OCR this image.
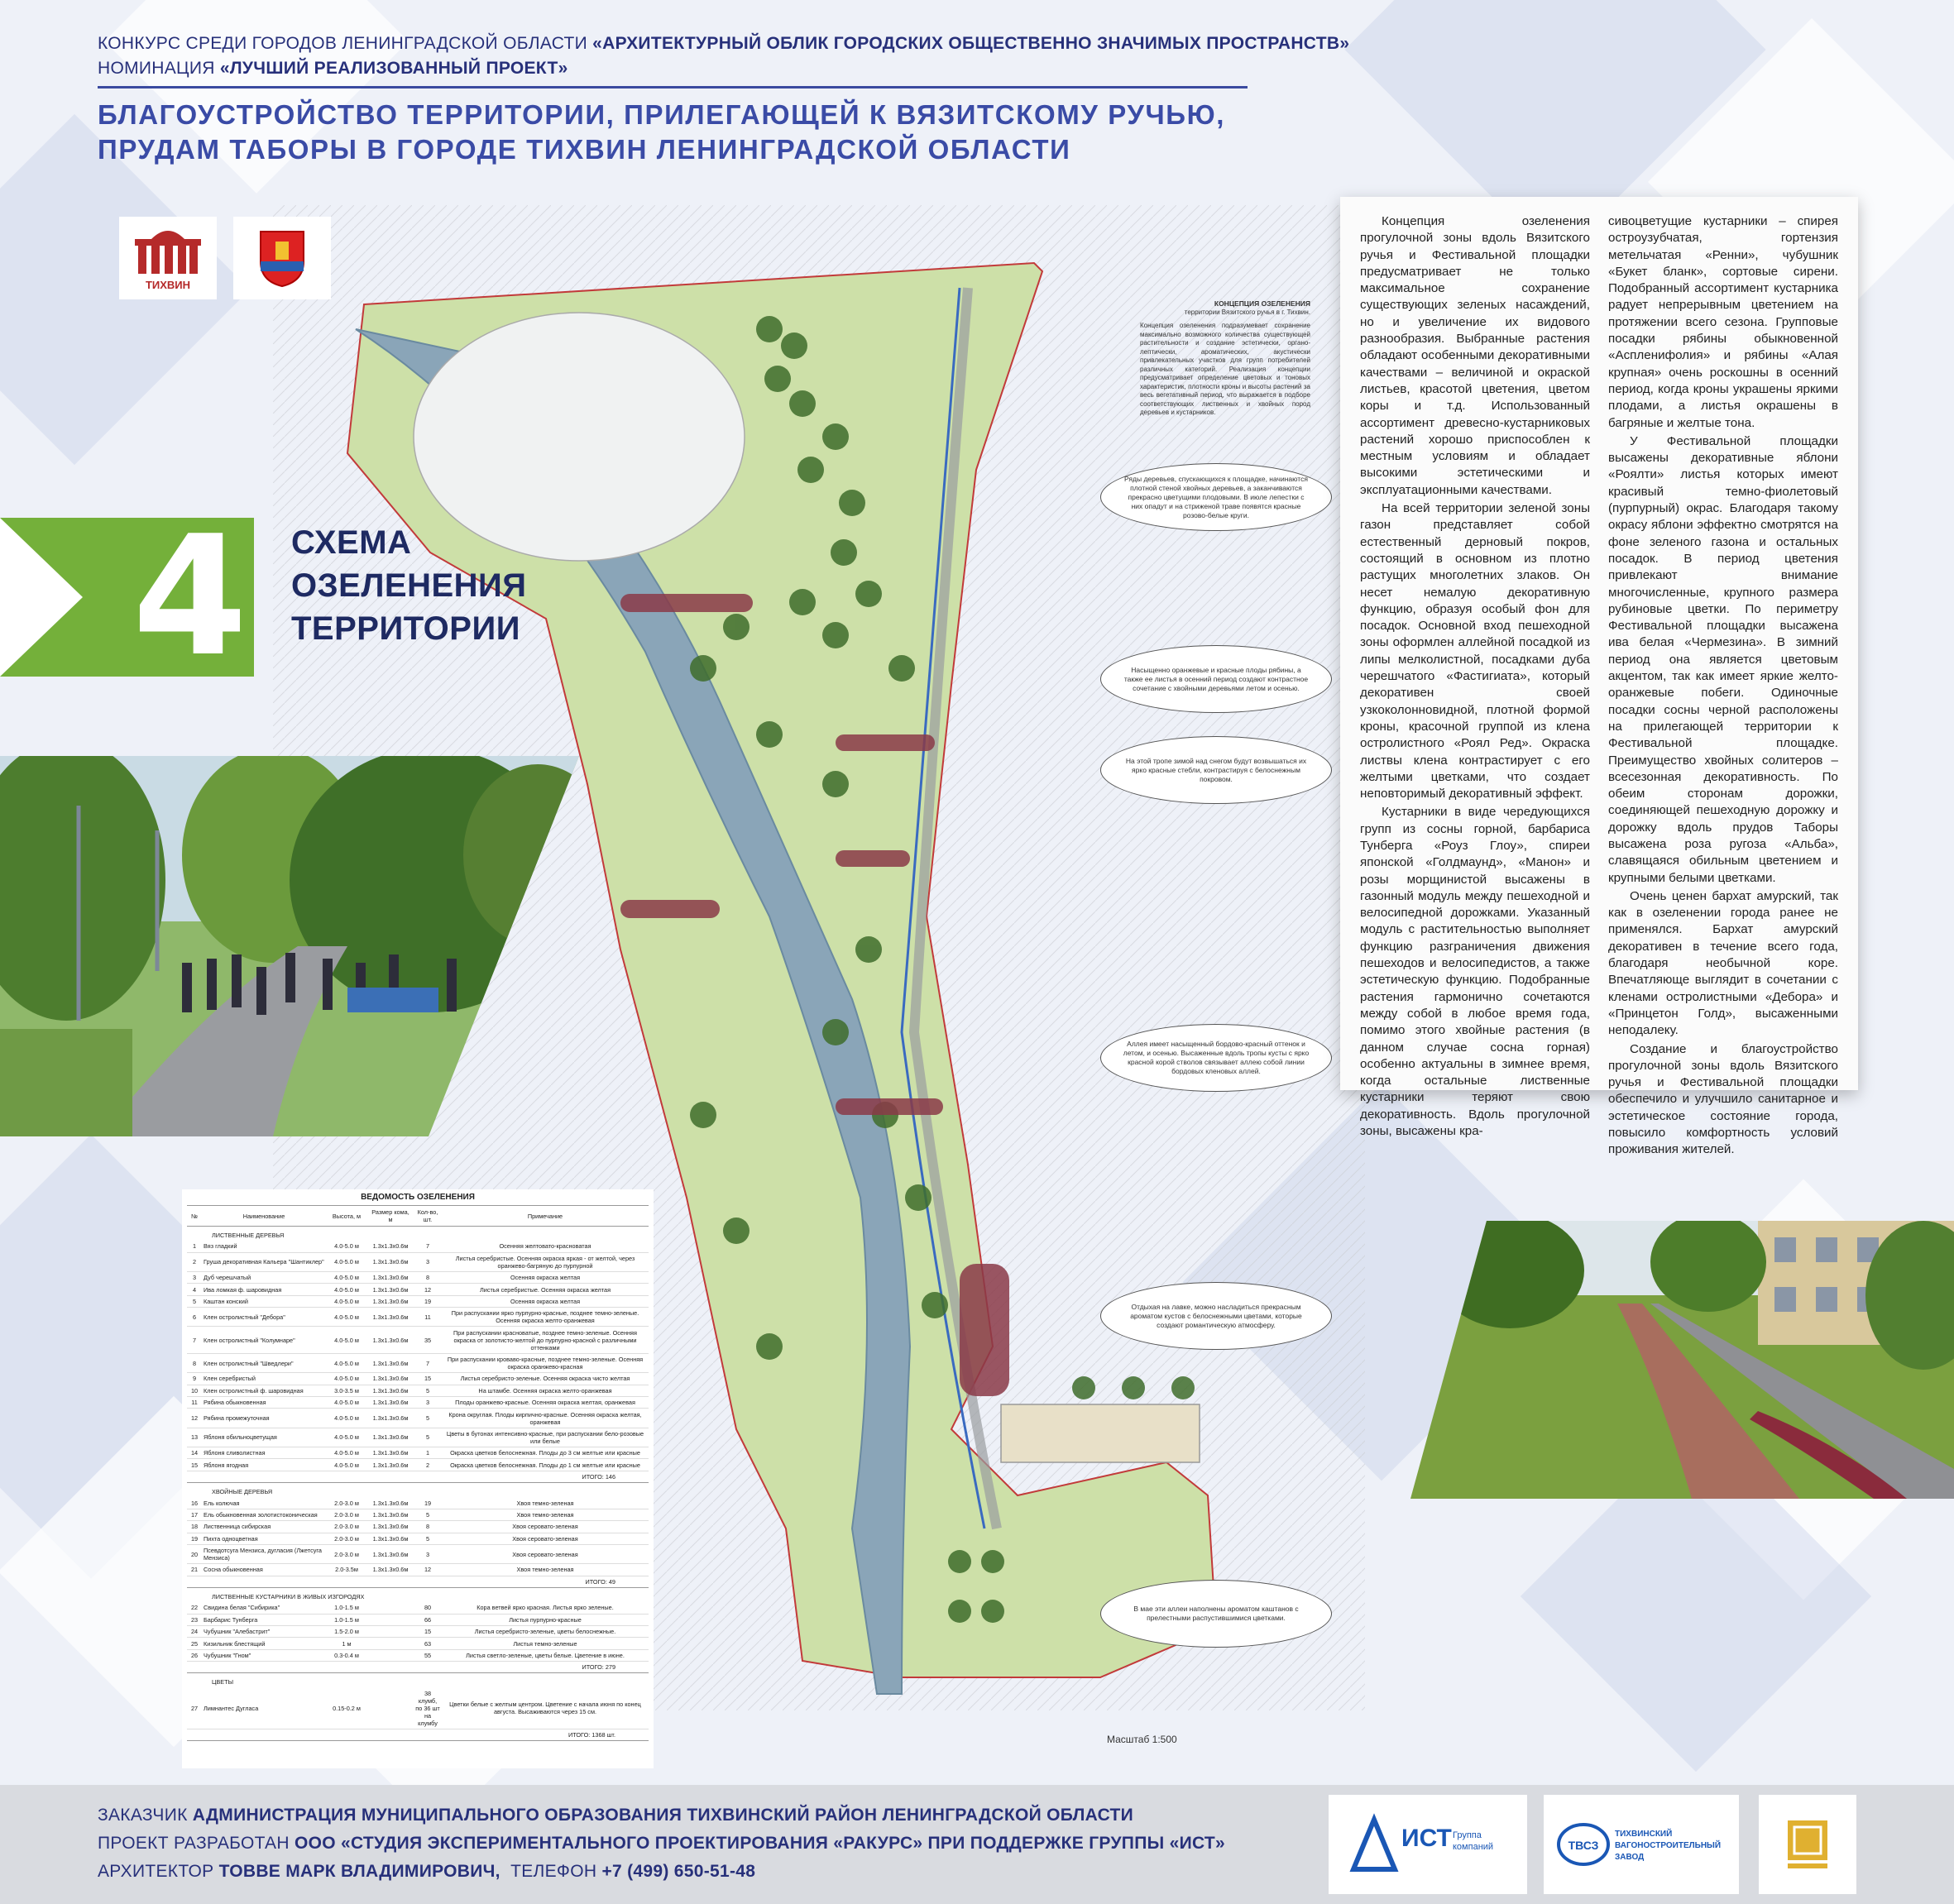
КОНКУРС СРЕДИ ГОРОДОВ ЛЕНИНГРАДСКОЙ ОБЛАСТИ «АРХИТЕКТУРНЫЙ ОБЛИК ГОРОДСКИХ ОБЩЕСТВЕННО ЗНАЧИМЫХ ПРОСТРАНСТВ»
НОМИНАЦИЯ «ЛУЧШИЙ РЕАЛИЗОВАННЫЙ ПРОЕКТ»
БЛАГОУСТРОЙСТВО ТЕРРИТОРИИ, ПРИЛЕГАЮЩЕЙ К ВЯЗИТСКОМУ РУЧЬЮ,
ПРУДАМ ТАБОРЫ В ГОРОДЕ ТИХВИН ЛЕНИНГРАДСКОЙ ОБЛАСТИ
ТИХВИН
4 СХЕМА
ОЗЕЛЕНЕНИЯ
ТЕРРИТОРИИ
КОНЦЕПЦИЯ ОЗЕЛЕНЕНИЯ
территории Вязитского ручья в г. Тихвин.
Концепция озеленения подразумевает сохранение максимально возможного количества существующей растительности и создание эстетически, органо-лептически, ароматических, акустически привлекательных участков для групп потребителей различных категорий. Реализация концепции предусматривает определение цветовых и тоновых характеристик, плотности кроны и высоты растений за весь вегетативный период, что выражается в подборе соответствующих лиственных и хвойных пород деревьев и кустарников.
Ряды деревьев, спускающихся к площадке, начинаются плотной стеной хвойных деревьев, а заканчиваются прекрасно цветущими плодовыми. В июле лепестки с них опадут и на стриженой траве появятся красные розово-белые круги.
Насыщенно оранжевые и красные плоды рябины, а также ее листья в осенний период создают контрастное сочетание с хвойными деревьями летом и осенью.
На этой тропе зимой над снегом будут возвышаться их ярко красные стебли, контрастируя с белоснежным покровом.
Аллея имеет насыщенный бордово-красный оттенок и летом, и осенью. Высаженные вдоль тропы кусты с ярко красной корой стволов связывает аллею собой линии бордовых кленовых аллей.
Отдыхая на лавке, можно насладиться прекрасным ароматом кустов с белоснежными цветами, которые создают романтическую атмосферу.
В мае эти аллеи наполнены ароматом каштанов с прелестными распустившимися цветками.

Концепция озеленения прогулочной зоны вдоль Вязитского ручья и Фестивальной площадки предусматривает не только максимальное сохранение существующих зеленых насаждений, но и увеличение их видового разнообразия. Выбранные растения обладают особенными декоративными качествами – величиной и окраской листьев, красотой цветения, цветом коры и т.д. Использованный ассортимент древесно-кустарниковых растений хорошо приспособлен к местным условиям и обладает высокими эстетическими и эксплуатационными качествами.

На всей территории зеленой зоны газон представляет собой естественный дерновый покров, состоящий в основном из плотно растущих многолетних злаков. Он несет немалую декоративную функцию, образуя особый фон для посадок. Основной вход пешеходной зоны оформлен аллейной посадкой из липы мелколистной, посадками дуба черешчатого «Фастигиата», который декоративен своей узкоколонновидной, плотной формой кроны, красочной группой из клена остролистного «Роял Ред». Окраска листвы клена контрастирует с его желтыми цветками, что создает неповторимый декоративный эффект.

Кустарники в виде чередующихся групп из сосны горной, барбариса Тунберга «Роуз Глоу», спиреи японской «Голдмаунд», «Манон» и розы морщинистой высажены в газонный модуль между пешеходной и велосипедной дорожками. Указанный модуль с растительностью выполняет функцию разграничения движения пешеходов и велосипедистов, а также эстетическую функцию. Подобранные растения гармонично сочетаются между собой в любое время года, помимо этого хвойные растения (в данном случае сосна горная) особенно актуальны в зимнее время, когда остальные лиственные кустарники теряют свою декоративность. Вдоль прогулочной зоны, высажены кра-

сивоцветущие кустарники – спирея остроузубчатая, гортензия метельчатая «Ренни», чубушник «Букет бланк», сортовые сирени. Подобранный ассортимент кустарника радует непрерывным цветением на протяжении всего сезона. Групповые посадки рябины обыкновенной «Аспленифолия» и рябины «Алая крупная» очень роскошны в осенний период, когда кроны украшены яркими плодами, а листья окрашены в багряные и желтые тона.

У Фестивальной площадки высажены декоративные яблони «Роялти» листья которых имеют красивый темно-фиолетовый (пурпурный) окрас. Благодаря такому окрасу яблони эффектно смотрятся на фоне зеленого газона и остальных посадок. В период цветения привлекают внимание многочисленные, крупного размера рубиновые цветки. По периметру Фестивальной площадки высажена ива белая «Чермезина». В зимний период она является цветовым акцентом, так как имеет яркие желто-оранжевые побеги. Одиночные посадки сосны черной расположены на прилегающей территории к Фестивальной площадке. Преимущество хвойных солитеров – всесезонная декоративность. По обеим сторонам дорожки, соединяющей пешеходную дорожку и дорожку вдоль прудов Таборы высажена роза ругоза «Альба», славящаяся обильным цветением и крупными белыми цветками.

Очень ценен бархат амурский, так как в озеленении города ранее не применялся. Бархат амурский декоративен в течение всего года, благодаря необычной коре. Впечатляюще выглядит в сочетании с кленами остролистными «Дебора» и «Принцетон Голд», высаженными неподалеку.

Создание и благоустройство прогулочной зоны вдоль Вязитского ручья и Фестивальной площадки обеспечило и улучшило санитарное и эстетическое состояние города, повысило комфортность условий проживания жителей.

ВЕДОМОСТЬ ОЗЕЛЕНЕНИЯ
№	Наименование	Высота, м	Размер кома, м	Кол-во, шт.	Примечание
ЛИСТВЕННЫЕ ДЕРЕВЬЯ					
1	Вяз гладкий	4.0-5.0 м	1.3х1.3х0.6м	7	Осенняя желтовато-красноватая
2	Груша декоративная Кальера "Шантиклер"	4.0-5.0 м	1.3х1.3х0.6м	3	Листья серебристые. Осенняя окраска яркая - от желтой, через оранжево-багряную до пурпурной
3	Дуб черешчатый	4.0-5.0 м	1.3х1.3х0.6м	8	Осенняя окраска желтая
4	Ива ломкая ф. шаровидная	4.0-5.0 м	1.3х1.3х0.6м	12	Листья серебристые. Осенняя окраска желтая
5	Каштан конский	4.0-5.0 м	1.3х1.3х0.6м	19	Осенняя окраска желтая
6	Клен остролистный "Дебора"	4.0-5.0 м	1.3х1.3х0.6м	11	При распускании ярко пурпурно-красные, позднее темно-зеленые. Осенняя окраска желто-оранжевая
7	Клен остролистный "Колумнаре"	4.0-5.0 м	1.3х1.3х0.6м	35	При распускании красноватые, позднее темно-зеленые. Осенняя окраска от золотисто-желтой до пурпурно-красной с различными оттенками
8	Клен остролистный "Шведлери"	4.0-5.0 м	1.3х1.3х0.6м	7	При распускании кроваво-красные, позднее темно-зеленые. Осенняя окраска оранжево-красная
9	Клен серебристый	4.0-5.0 м	1.3х1.3х0.6м	15	Листья серебристо-зеленые. Осенняя окраска чисто желтая
10	Клен остролистный ф. шаровидная	3.0-3.5 м	1.3х1.3х0.6м	5	На штамбе. Осенняя окраска желто-оранжевая
11	Рябина обыкновенная	4.0-5.0 м	1.3х1.3х0.6м	3	Плоды оранжево-красные. Осенняя окраска желтая, оранжевая
12	Рябина промежуточная	4.0-5.0 м	1.3х1.3х0.6м	5	Крона округлая. Плоды кирпично-красные. Осенняя окраска желтая, оранжевая
13	Яблоня обильноцветущая	4.0-5.0 м	1.3х1.3х0.6м	5	Цветы в бутонах интенсивно-красные, при распускании бело-розовые или белые
14	Яблоня сливолистная	4.0-5.0 м	1.3х1.3х0.6м	1	Окраска цветков белоснежная. Плоды до 3 см желтые или красные
15	Яблоня ягодная	4.0-5.0 м	1.3х1.3х0.6м	2	Окраска цветков белоснежная. Плоды до 1 см желтые или красные
ИТОГО: 146					
ХВОЙНЫЕ ДЕРЕВЬЯ					
16	Ель колючая	2.0-3.0 м	1.3х1.3х0.6м	19	Хвоя темно-зеленая
17	Ель обыкновенная золотистоконическая	2.0-3.0 м	1.3х1.3х0.6м	5	Хвоя темно-зеленая
18	Лиственница сибирская	2.0-3.0 м	1.3х1.3х0.6м	8	Хвоя серовато-зеленая
19	Пихта одноцветная	2.0-3.0 м	1.3х1.3х0.6м	5	Хвоя серовато-зеленая
20	Псевдотсуга Мензиса, дугласия (Лжетсуга Мензиса)	2.0-3.0 м	1.3х1.3х0.6м	3	Хвоя серовато-зеленая
21	Сосна обыкновенная	2.0-3.5м	1.3х1.3х0.6м	12	Хвоя темно-зеленая
ИТОГО: 49					
ЛИСТВЕННЫЕ КУСТАРНИКИ В ЖИВЫХ ИЗГОРОДЯХ					
22	Свидина белая "Сибирика"	1.0-1.5 м		80	Кора ветвей ярко красная. Листья ярко зеленые.
23	Барбарис Тунберга	1.0-1.5 м		66	Листья пурпурно-красные
24	Чубушник "Алебастрит"	1.5-2.0 м		15	Листья серебристо-зеленые, цветы белоснежные.
25	Кизильник блестящий	1 м		63	Листья темно-зеленые
26	Чубушник "Гном"	0.3-0.4 м		55	Листья светло-зеленые, цветы белые. Цветение в июне.
ИТОГО: 279					
ЦВЕТЫ					
27	Лимнантес Дугласа	0.15-0.2 м		38 клумб, по 36 шт на клумбу	Цветки белые с желтым центром. Цветение с начала июня по конец августа. Высаживаются через 15 см.
ИТОГО: 1368 шт.						Масштаб 1:500
ЗАКАЗЧИК АДМИНИСТРАЦИЯ МУНИЦИПАЛЬНОГО ОБРАЗОВАНИЯ ТИХВИНСКИЙ РАЙОН ЛЕНИНГРАДСКОЙ ОБЛАСТИ
ПРОЕКТ РАЗРАБОТАН ООО «СТУДИЯ ЭКСПЕРИМЕНТАЛЬНОГО ПРОЕКТИРОВАНИЯ «РАКУРС» ПРИ ПОДДЕРЖКЕ ГРУППЫ «ИСТ»
АРХИТЕКТОР ТОВВЕ МАРК ВЛАДИМИРОВИЧ, ТЕЛЕФОН +7 (499) 650-51-48
ИСТ Группа
компаний	ТВСЗ
ТИХВИНСКИЙ
ВАГОНОСТРОИТЕЛЬНЫЙ
ЗАВОД
